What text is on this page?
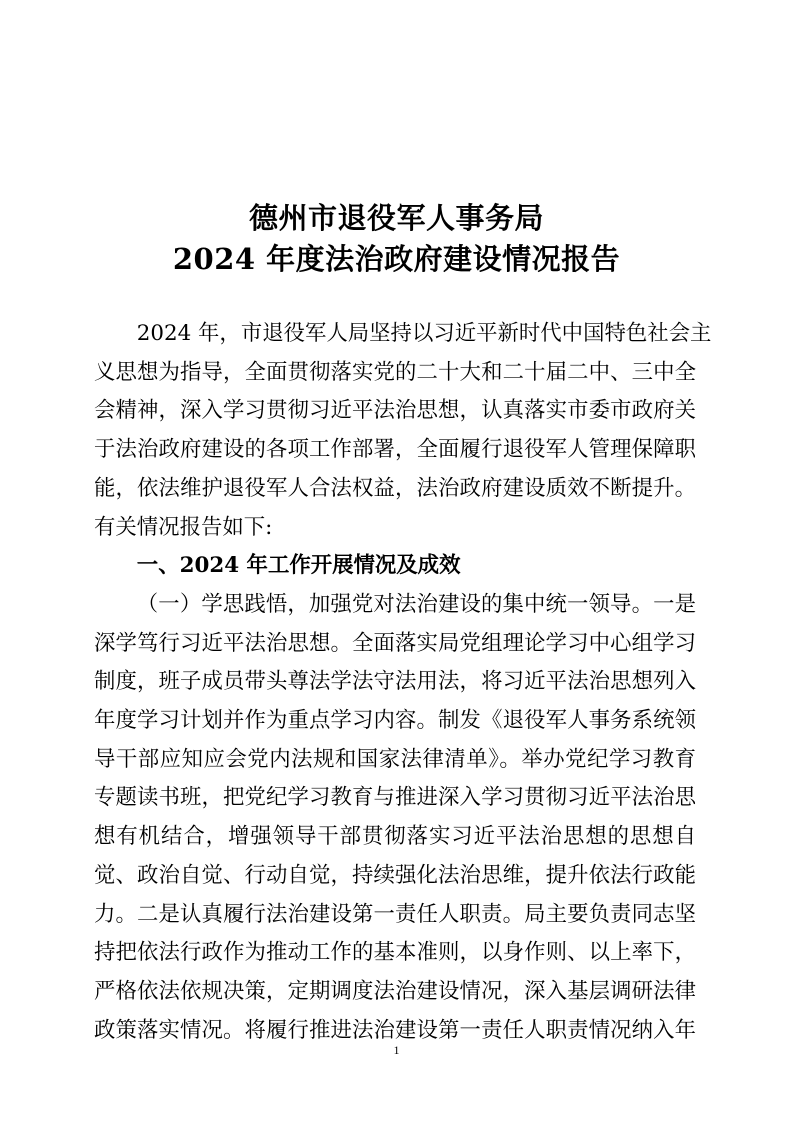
德州市退役军人事务局
2024 年度法治政府建设情况报告
2024 年，市退役军人局坚持以习近平新时代中国特色社会主
义思想为指导，全面贯彻落实党的二十大和二十届二中、三中全
会精神，深入学习贯彻习近平法治思想，认真落实市委市政府关
于法治政府建设的各项工作部署，全面履行退役军人管理保障职
能，依法维护退役军人合法权益，法治政府建设质效不断提升。
有关情况报告如下:
一、2024 年工作开展情况及成效
（一）学思践悟，加强党对法治建设的集中统一领导。一是
深学笃行习近平法治思想。全面落实局党组理论学习中心组学习
制度，班子成员带头尊法学法守法用法，将习近平法治思想列入
年度学习计划并作为重点学习内容。制发《退役军人事务系统领
导干部应知应会党内法规和国家法律清单》。举办党纪学习教育
专题读书班，把党纪学习教育与推进深入学习贯彻习近平法治思
想有机结合，增强领导干部贯彻落实习近平法治思想的思想自
觉、政治自觉、行动自觉，持续强化法治思维，提升依法行政能
力。二是认真履行法治建设第一责任人职责。局主要负责同志坚
持把依法行政作为推动工作的基本准则，以身作则、以上率下，
严格依法依规决策，定期调度法治建设情况，深入基层调研法律
政策落实情况。将履行推进法治建设第一责任人职责情况纳入年
1
